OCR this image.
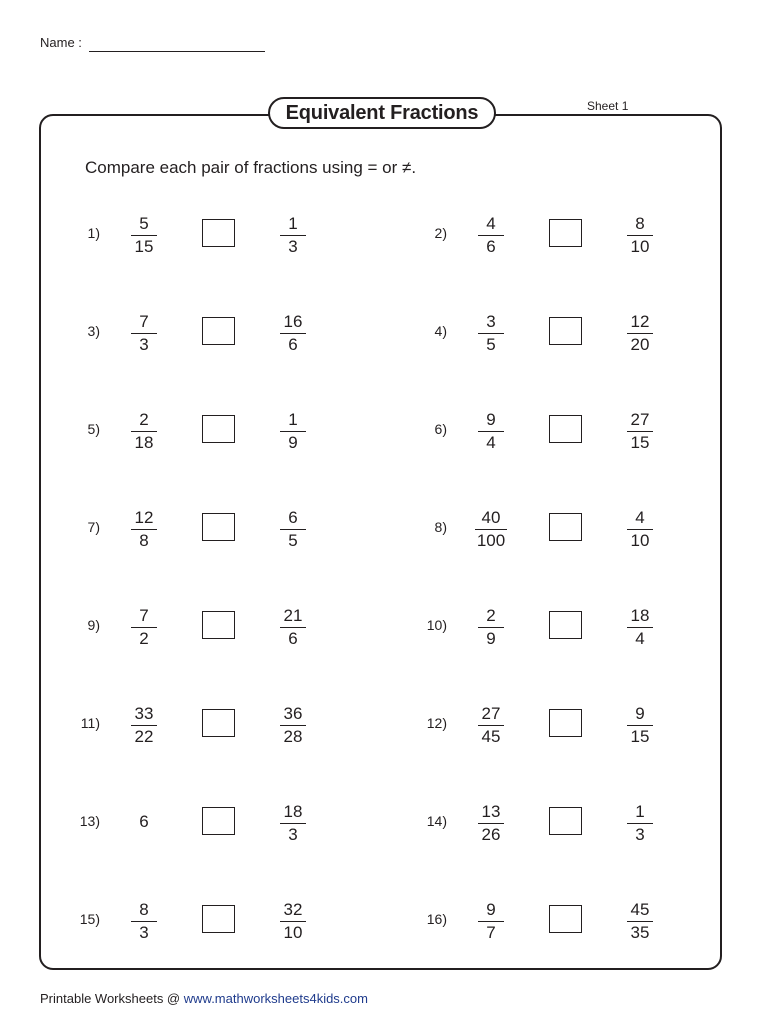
Name :
Equivalent Fractions	Sheet 1
Compare each pair of fractions using = or ≠.
1) 5
15
1
3
2) 4
6
8
10
3) 7
3
16
6
4) 3
5
12
20
5) 2
18
1
9
6) 9
4
27
15
7) 12
8
6
5
8) 40
100
4
10
9) 7
2
21
6
10) 2
9
18
4
11) 33
22
36
28
12) 27
45
9
15
13)	6
18
3
14) 13
26
1
3
15) 8
3
32
10
16) 9
7
45
35
Printable Worksheets @ www.mathworksheets4kids.com
